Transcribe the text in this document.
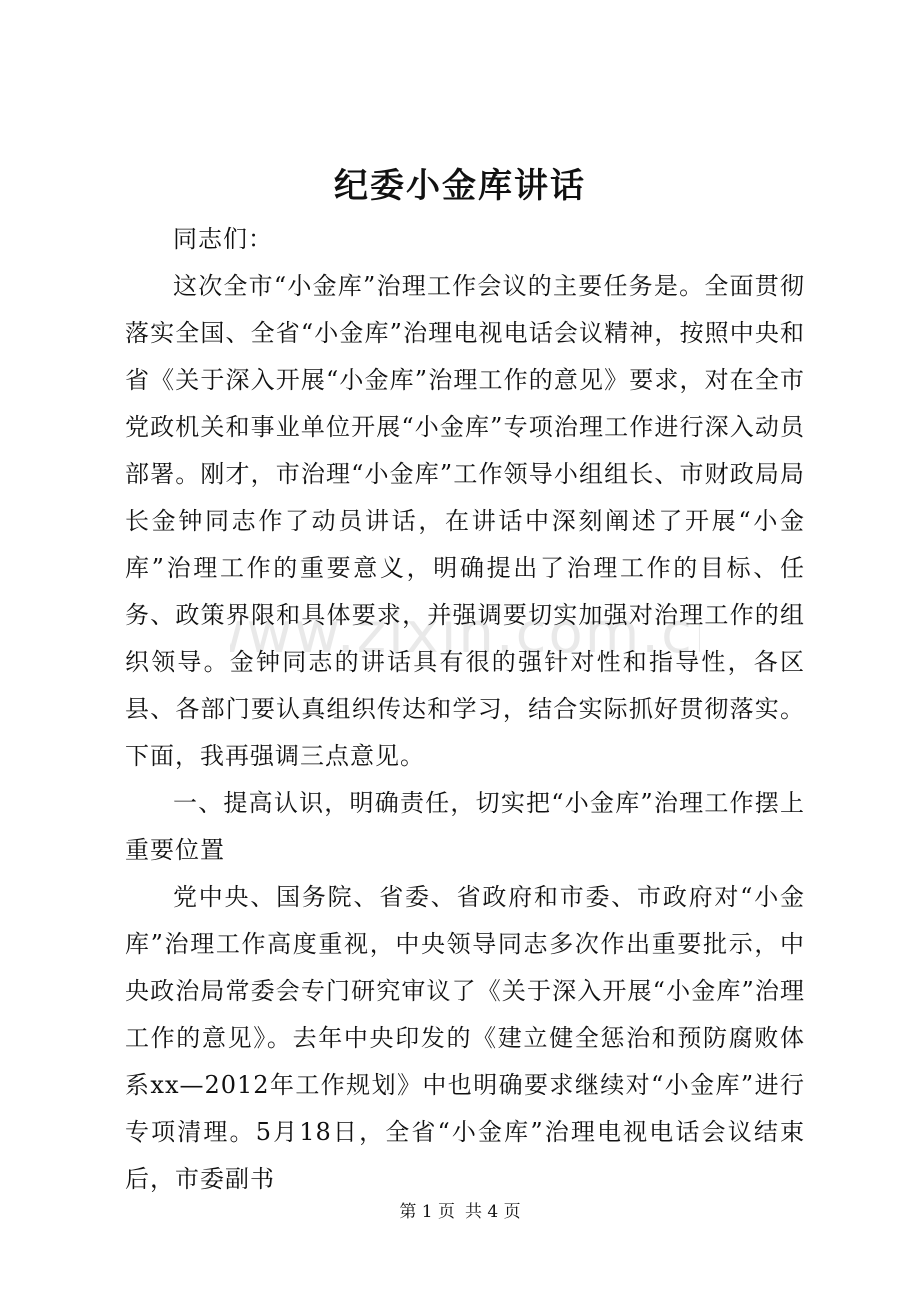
ww.zixin.com.c
纪委小金库讲话

同志们：

这次全市“小金库”治理工作会议的主要任务是。全面贯彻落实全国、全省“小金库”治理电视电话会议精神，按照中央和省《关于深入开展“小金库”治理工作的意见》要求，对在全市党政机关和事业单位开展“小金库”专项治理工作进行深入动员部署。刚才，市治理“小金库”工作领导小组组长、市财政局局长金钟同志作了动员讲话，在讲话中深刻阐述了开展“小金库”治理工作的重要意义，明确提出了治理工作的目标、任务、政策界限和具体要求，并强调要切实加强对治理工作的组织领导。金钟同志的讲话具有很的强针对性和指导性，各区县、各部门要认真组织传达和学习，结合实际抓好贯彻落实。下面，我再强调三点意见。

一、提高认识，明确责任，切实把“小金库”治理工作摆上重要位置

党中央、国务院、省委、省政府和市委、市政府对“小金库”治理工作高度重视，中央领导同志多次作出重要批示，中央政治局常委会专门研究审议了《关于深入开展“小金库”治理工作的意见》。去年中央印发的《建立健全惩治和预防腐败体系xx—2012年工作规划》中也明确要求继续对“小金库”进行专项清理。5月18日，全省“小金库”治理电视电话会议结束后，市委副书

第 1 页 共 4 页
